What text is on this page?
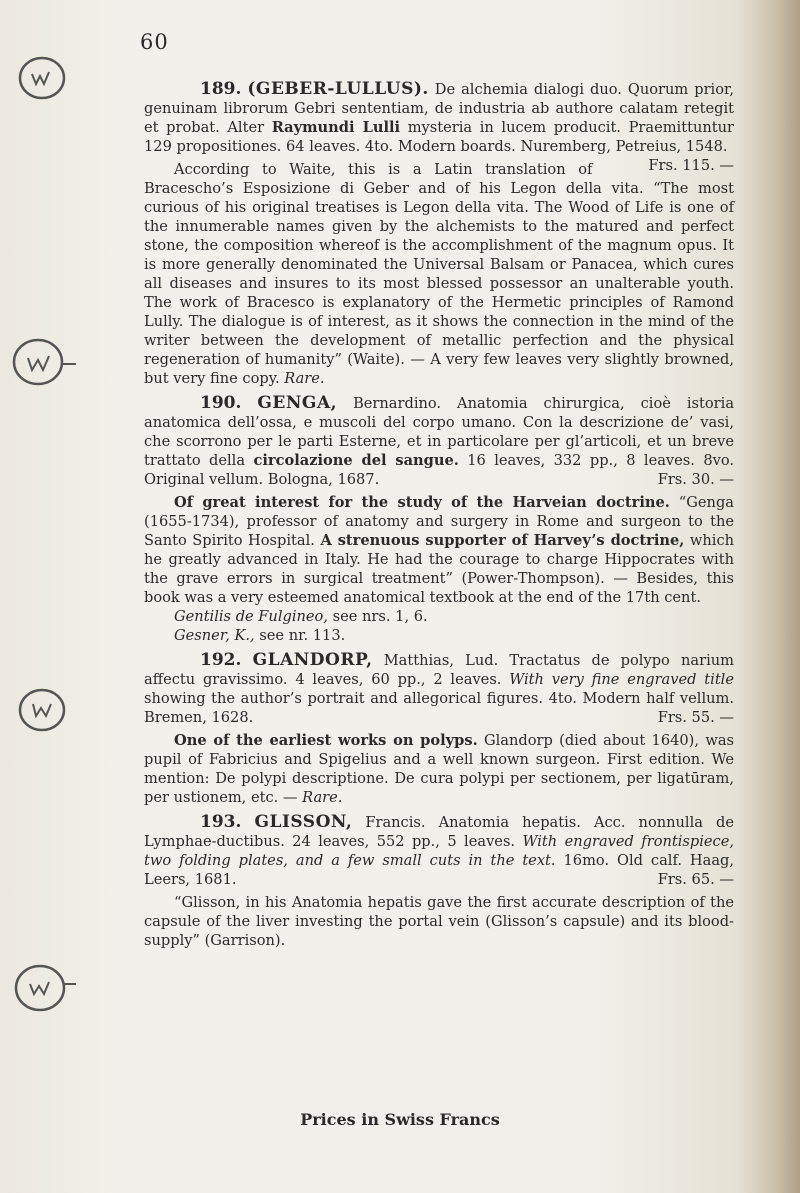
60

189. (GEBER-LULLUS). De alchemia dialogi duo. Quorum prior, genuinam librorum Gebri sententiam, de industria ab authore calatam retegit et probat. Alter Raymundi Lulli mysteria in lucem producit. Praemittuntur 129 propositiones. 64 leaves. 4to. Modern boards. Nuremberg, Petreius, 1548.
Frs. 115. —

According to Waite, this is a Latin translation of Bracescho’s Esposizione di Geber and of his Legon della vita. “The most curious of his original treatises is Legon della vita. The Wood of Life is one of the innumerable names given by the alchemists to the matured and perfect stone, the composition whereof is the accomplishment of the magnum opus. It is more generally denominated the Universal Balsam or Panacea, which cures all diseases and insures to its most blessed possessor an unalterable youth. The work of Bracesco is explanatory of the Hermetic principles of Ramond Lully. The dialogue is of interest, as it shows the connection in the mind of the writer between the development of metallic perfection and the physical regeneration of humanity” (Waite). — A very few leaves very slightly browned, but very fine copy. Rare.

190. GENGA, Bernardino. Anatomia chirurgica, cioè istoria anatomica dell’ossa, e muscoli del corpo umano. Con la descrizione de’ vasi, che scorrono per le parti Esterne, et in particolare per gl’articoli, et un breve trattato della circolazione del sangue. 16 leaves, 332 pp., 8 leaves. 8vo. Original vellum. Bologna, 1687.	Frs. 30. —

Of great interest for the study of the Harveian doctrine. “Genga (1655-1734), professor of anatomy and surgery in Rome and surgeon to the Santo Spirito Hospital. A strenuous supporter of Harvey’s doctrine, which he greatly advanced in Italy. He had the courage to charge Hippocrates with the grave errors in surgical treatment” (Power-Thompson). — Besides, this book was a very esteemed anatomical textbook at the end of the 17th cent.

Gentilis de Fulgineo, see nrs. 1, 6.

Gesner, K., see nr. 113.

192. GLANDORP, Matthias, Lud. Tractatus de polypo narium affectu gravissimo. 4 leaves, 60 pp., 2 leaves. With very fine engraved title showing the author’s portrait and allegorical figures. 4to. Modern half vellum. Bremen, 1628.	Frs. 55. —

One of the earliest works on polyps. Glandorp (died about 1640), was pupil of Fabricius and Spigelius and a well known surgeon. First edition. We mention: De polypi descriptione. De cura polypi per sectionem, per ligatūram, per ustionem, etc. — Rare.

193. GLISSON, Francis. Anatomia hepatis. Acc. nonnulla de Lymphae-ductibus. 24 leaves, 552 pp., 5 leaves. With engraved frontispiece, two folding plates, and a few small cuts in the text. 16mo. Old calf. Haag, Leers, 1681.	Frs. 65. —

“Glisson, in his Anatomia hepatis gave the first accurate description of the capsule of the liver investing the portal vein (Glisson’s capsule) and its blood-supply” (Garrison).

Prices in Swiss Francs
